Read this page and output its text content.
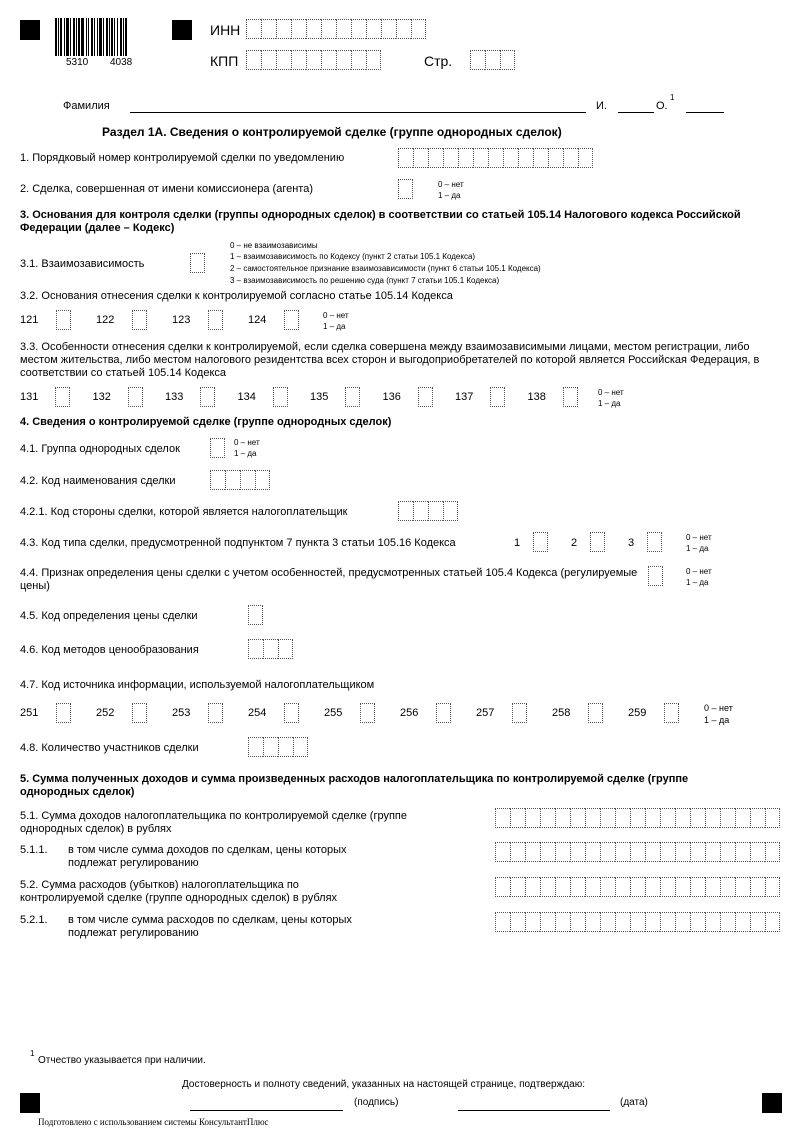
5310 4038
ИНН
КПП	Стр.
Фамилия	И.	О.
1
Раздел 1А. Сведения о контролируемой сделке (группе однородных сделок)
1. Порядковый номер контролируемой сделки по уведомлению
2. Сделка, совершенная от имени комиссионера (агента)	0 – нет
1 – да
3. Основания для контроля сделки (группы однородных сделок) в соответствии со статьей 105.14 Налогового кодекса Российской Федерации (далее – Кодекс)
3.1. Взаимозависимость
0 – не взаимозависимы
1 – взаимозависимость по Кодексу (пункт 2 статьи 105.1 Кодекса)
2 – самостоятельное признание взаимозависимости (пункт 6 статьи 105.1 Кодекса)
3 – взаимозависимость по решению суда (пункт 7 статьи 105.1 Кодекса)
3.2. Основания отнесения сделки к контролируемой согласно статье 105.14 Кодекса
0 – нет
1 – да
3.3. Особенности отнесения сделки к контролируемой, если сделка совершена между взаимозависимыми лицами, местом регистрации, либо местом жительства, либо местом налогового резидентства всех сторон и выгодоприобретателей по которой является Российская Федерация, в соответствии со статьей 105.14 Кодекса
0 – нет
1 – да
4. Сведения о контролируемой сделке (группе однородных сделок)
4.1. Группа однородных сделок
0 – нет
1 – да
4.2. Код наименования сделки
4.2.1. Код стороны сделки, которой является налогоплательщик
4.3. Код типа сделки, предусмотренной подпунктом 7 пункта 3 статьи 105.16 Кодекса	0 – нет
1 – да
4.4. Признак определения цены сделки с учетом особенностей, предусмотренных статьей 105.4 Кодекса (регулируемые цены)
0 – нет
1 – да
4.5. Код определения цены сделки
4.6. Код методов ценообразования
4.7. Код источника информации, используемой налогоплательщиком
0 – нет
1 – да
4.8. Количество участников сделки
5. Сумма полученных доходов и сумма произведенных расходов налогоплательщика по контролируемой сделке (группе однородных сделок)
5.1. Сумма доходов налогоплательщика по контролируемой сделке (группе однородных сделок) в рублях
5.1.1. в том числе сумма доходов по сделкам, цены которых подлежат регулированию
5.2. Сумма расходов (убытков) налогоплательщика по контролируемой сделке (группе однородных сделок) в рублях
5.2.1. в том числе сумма расходов по сделкам, цены которых подлежат регулированию
1
Отчество указывается при наличии.
Достоверность и полноту сведений, указанных на настоящей странице, подтверждаю:
(подпись)	(дата)
Подготовлено с использованием системы КонсультантПлюс
121	122	123	124
131	132	133	134	135	136	137	138
251	252	253	254	255	256	257	258	259
1	2	3
